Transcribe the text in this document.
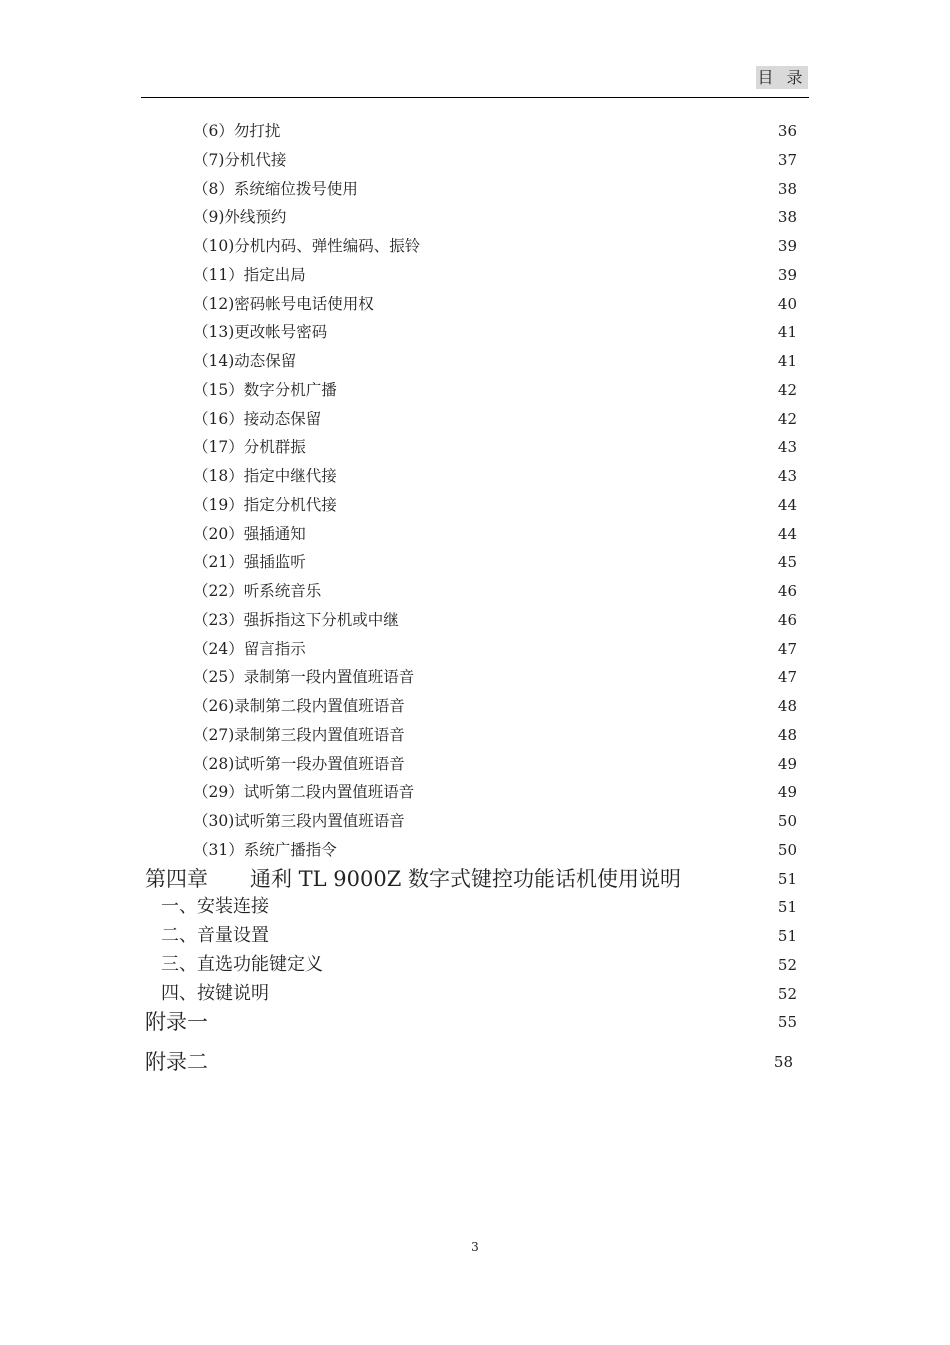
目 录
（6）勿打扰	36
（7)分机代接	37
（8）系统缩位拨号使用	38
（9)外线预约	38
（10)分机内码、弹性编码、振铃	39
（11）指定出局	39
（12)密码帐号电话使用权	40
（13)更改帐号密码	41
（14)动态保留	41
（15）数字分机广播	42
（16）接动态保留	42
（17）分机群振	43
（18）指定中继代接	43
（19）指定分机代接	44
（20）强插通知	44
（21）强插监听	45
（22）听系统音乐	46
（23）强拆指这下分机或中继	46
（24）留言指示	47
（25）录制第一段内置值班语音	47
（26)录制第二段内置值班语音	48
（27)录制第三段内置值班语音	48
（28)试听第一段办置值班语音	49
（29）试听第二段内置值班语音	49
（30)试听第三段内置值班语音	50
（31）系统广播指令	50
第四章　　通利 TL 9000Z 数字式键控功能话机使用说明	51
一、安装连接	51
二、音量设置	51
三、直选功能键定义	52
四、按键说明	52
附录一	55
附录二	58
3
